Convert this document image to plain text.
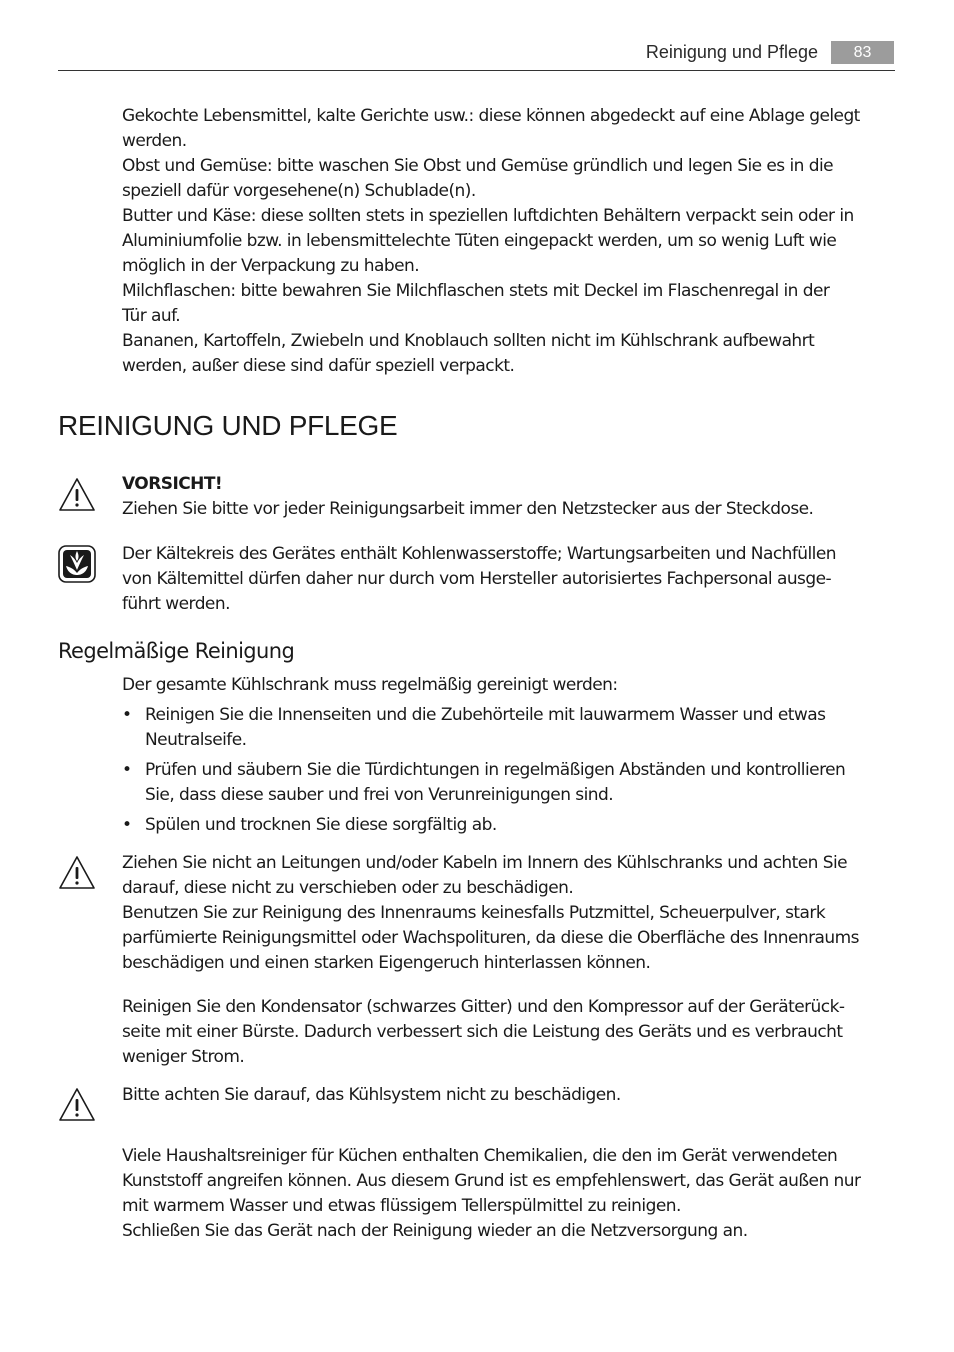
Reinigung und Pflege	83
Gekochte Lebensmittel, kalte Gerichte usw.: diese können abgedeckt auf eine Ablage gelegt
werden.
Obst und Gemüse: bitte waschen Sie Obst und Gemüse gründlich und legen Sie es in die
speziell dafür vorgesehene(n) Schublade(n).
Butter und Käse: diese sollten stets in speziellen luftdichten Behältern verpackt sein oder in
Aluminiumfolie bzw. in lebensmittelechte Tüten eingepackt werden, um so wenig Luft wie
möglich in der Verpackung zu haben.
Milchflaschen: bitte bewahren Sie Milchflaschen stets mit Deckel im Flaschenregal in der
Tür auf.
Bananen, Kartoffeln, Zwiebeln und Knoblauch sollten nicht im Kühlschrank aufbewahrt
werden, außer diese sind dafür speziell verpackt.
REINIGUNG UND PFLEGE
VORSICHT!
Ziehen Sie bitte vor jeder Reinigungsarbeit immer den Netzstecker aus der Steckdose.
Der Kältekreis des Gerätes enthält Kohlenwasserstoffe; Wartungsarbeiten und Nachfüllen
von Kältemittel dürfen daher nur durch vom Hersteller autorisiertes Fachpersonal ausge-
führt werden.
Regelmäßige Reinigung
Der gesamte Kühlschrank muss regelmäßig gereinigt werden:
• Reinigen Sie die Innenseiten und die Zubehörteile mit lauwarmem Wasser und etwas
Neutralseife.
• Prüfen und säubern Sie die Türdichtungen in regelmäßigen Abständen und kontrollieren
Sie, dass diese sauber und frei von Verunreinigungen sind.
• Spülen und trocknen Sie diese sorgfältig ab.
Ziehen Sie nicht an Leitungen und/oder Kabeln im Innern des Kühlschranks und achten Sie
darauf, diese nicht zu verschieben oder zu beschädigen.
Benutzen Sie zur Reinigung des Innenraums keinesfalls Putzmittel, Scheuerpulver, stark
parfümierte Reinigungsmittel oder Wachspolituren, da diese die Oberfläche des Innenraums
beschädigen und einen starken Eigengeruch hinterlassen können.
Reinigen Sie den Kondensator (schwarzes Gitter) und den Kompressor auf der Geräterück-
seite mit einer Bürste. Dadurch verbessert sich die Leistung des Geräts und es verbraucht
weniger Strom.
Bitte achten Sie darauf, das Kühlsystem nicht zu beschädigen.
Viele Haushaltsreiniger für Küchen enthalten Chemikalien, die den im Gerät verwendeten
Kunststoff angreifen können. Aus diesem Grund ist es empfehlenswert, das Gerät außen nur
mit warmem Wasser und etwas flüssigem Tellerspülmittel zu reinigen.
Schließen Sie das Gerät nach der Reinigung wieder an die Netzversorgung an.
